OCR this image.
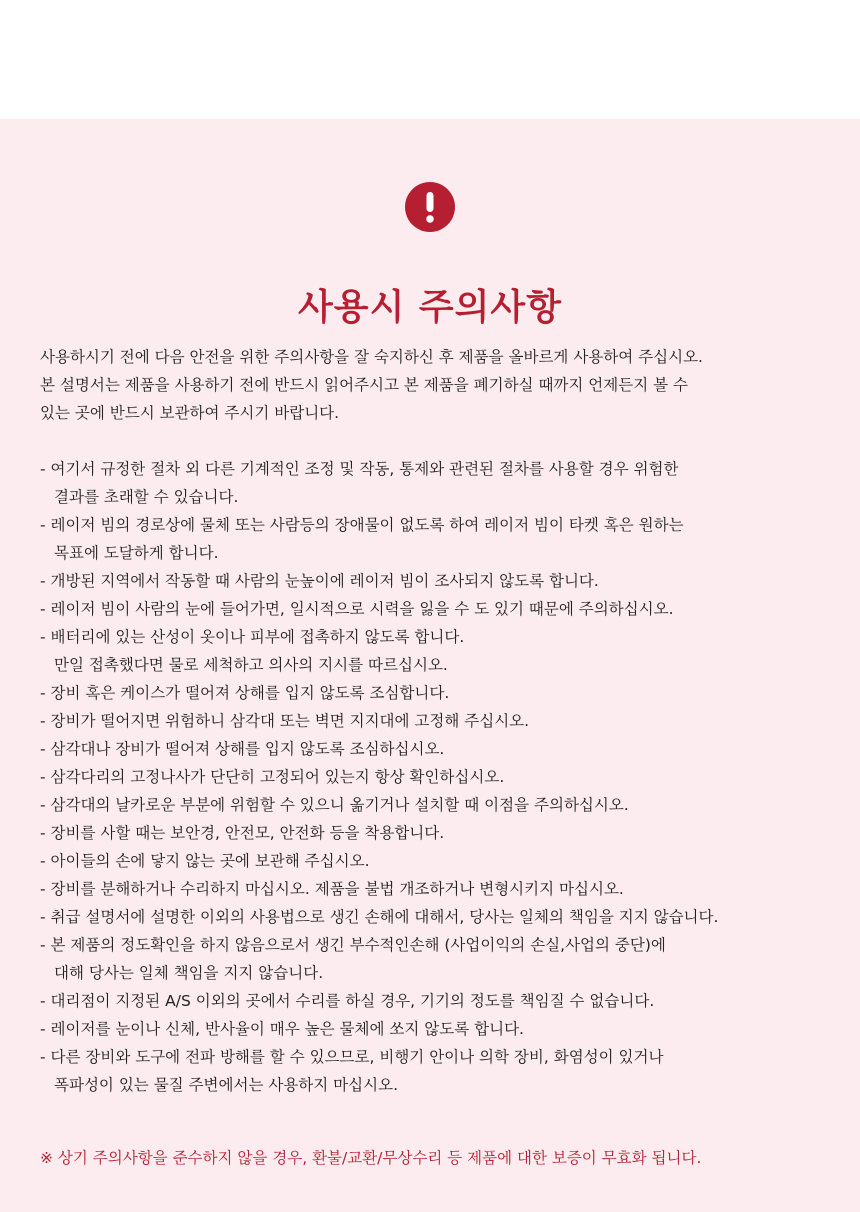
사용시 주의사항

사용하시기 전에 다음 안전을 위한 주의사항을 잘 숙지하신 후 제품을 올바르게 사용하여 주십시오.

본 설명서는 제품을 사용하기 전에 반드시 읽어주시고 본 제품을 폐기하실 때까지 언제든지 볼 수

있는 곳에 반드시 보관하여 주시기 바랍니다.

- 여기서 규정한 절차 외 다른 기계적인 조정 및 작동, 통제와 관련된 절차를 사용할 경우 위험한
결과를 초래할 수 있습니다.
- 레이저 빔의 경로상에 물체 또는 사람등의 장애물이 없도록 하여 레이저 빔이 타켓 혹은 원하는
목표에 도달하게 합니다.
- 개방된 지역에서 작동할 때 사람의 눈높이에 레이저 빔이 조사되지 않도록 합니다.
- 레이저 빔이 사람의 눈에 들어가면, 일시적으로 시력을 잃을 수 도 있기 때문에 주의하십시오.
- 배터리에 있는 산성이 옷이나 피부에 접촉하지 않도록 합니다.
만일 접촉했다면 물로 세척하고 의사의 지시를 따르십시오.
- 장비 혹은 케이스가 떨어져 상해를 입지 않도록 조심합니다.
- 장비가 떨어지면 위험하니 삼각대 또는 벽면 지지대에 고정해 주십시오.
- 삼각대나 장비가 떨어져 상해를 입지 않도록 조심하십시오.
- 삼각다리의 고정나사가 단단히 고정되어 있는지 항상 확인하십시오.
- 삼각대의 날카로운 부분에 위험할 수 있으니 옮기거나 설치할 때 이점을 주의하십시오.
- 장비를 사할 때는 보안경, 안전모, 안전화 등을 착용합니다.
- 아이들의 손에 닿지 않는 곳에 보관해 주십시오.
- 장비를 분해하거나 수리하지 마십시오. 제품을 불법 개조하거나 변형시키지 마십시오.
- 취급 설명서에 설명한 이외의 사용법으로 생긴 손해에 대해서, 당사는 일체의 책임을 지지 않습니다.
- 본 제품의 정도확인을 하지 않음으로서 생긴 부수적인손해 (사업이익의 손실,사업의 중단)에
대해 당사는 일체 책임을 지지 않습니다.
- 대리점이 지정된 A/S 이외의 곳에서 수리를 하실 경우, 기기의 정도를 책임질 수 없습니다.
- 레이저를 눈이나 신체, 반사율이 매우 높은 물체에 쏘지 않도록 합니다.
- 다른 장비와 도구에 전파 방해를 할 수 있으므로, 비행기 안이나 의학 장비, 화염성이 있거나
폭파성이 있는 물질 주변에서는 사용하지 마십시오.

※ 상기 주의사항을 준수하지 않을 경우, 환불/교환/무상수리 등 제품에 대한 보증이 무효화 됩니다.
